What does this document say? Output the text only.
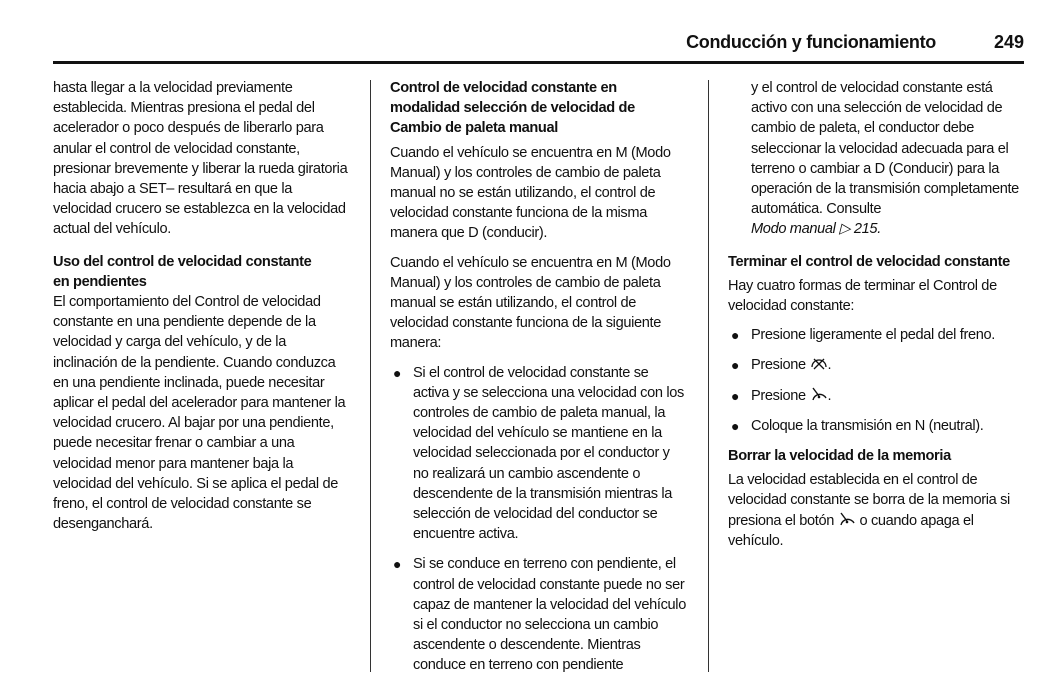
Conducción y funcionamiento	249

hasta llegar a la velocidad previamente establecida. Mientras presiona el pedal del acelerador o poco después de liberarlo para anular el control de velocidad constante, presionar brevemente y liberar la rueda giratoria hacia abajo a SET– resultará en que la velocidad crucero se establezca en la velocidad actual del vehículo.

Uso del control de velocidad constante en pendientes

El comportamiento del Control de velocidad constante en una pendiente depende de la velocidad y carga del vehículo, y de la inclinación de la pendiente. Cuando conduzca en una pendiente inclinada, puede necesitar aplicar el pedal del acelerador para mantener la velocidad crucero. Al bajar por una pendiente, puede necesitar frenar o cambiar a una velocidad menor para mantener baja la velocidad del vehículo. Si se aplica el pedal de freno, el control de velocidad constante se desenganchará.

Control de velocidad constante en modalidad selección de velocidad de Cambio de paleta manual

Cuando el vehículo se encuentra en M (Modo Manual) y los controles de cambio de paleta manual no se están utilizando, el control de velocidad constante funciona de la misma manera que D (conducir).

Cuando el vehículo se encuentra en M (Modo Manual) y los controles de cambio de paleta manual se están utilizando, el control de velocidad constante funciona de la siguiente manera:

● Si el control de velocidad constante se activa y se selecciona una velocidad con los controles de cambio de paleta manual, la velocidad del vehículo se mantiene en la velocidad seleccionada por el conductor y no realizará un cambio ascendente o descendente de la transmisión mientras la selección de velocidad del conductor se encuentre activa.
● Si se conduce en terreno con pendiente, el control de velocidad constante puede no ser capaz de mantener la velocidad del vehículo si el conductor no selecciona un cambio ascendente o descendente. Mientras conduce en terreno con pendiente

y el control de velocidad constante está activo con una selección de velocidad de cambio de paleta, el conductor debe seleccionar la velocidad adecuada para el terreno o cambiar a D (Conducir) para la operación de la transmisión completamente automática. Consulte
Modo manual ▷ 215.

Terminar el control de velocidad constante

Hay cuatro formas de terminar el Control de velocidad constante:

● Presione ligeramente el pedal del freno.
● Presione .
● Presione .
● Coloque la transmisión en N (neutral).
Borrar la velocidad de la memoria

La velocidad establecida en el control de velocidad constante se borra de la memoria si presiona el botón o cuando apaga el vehículo.
